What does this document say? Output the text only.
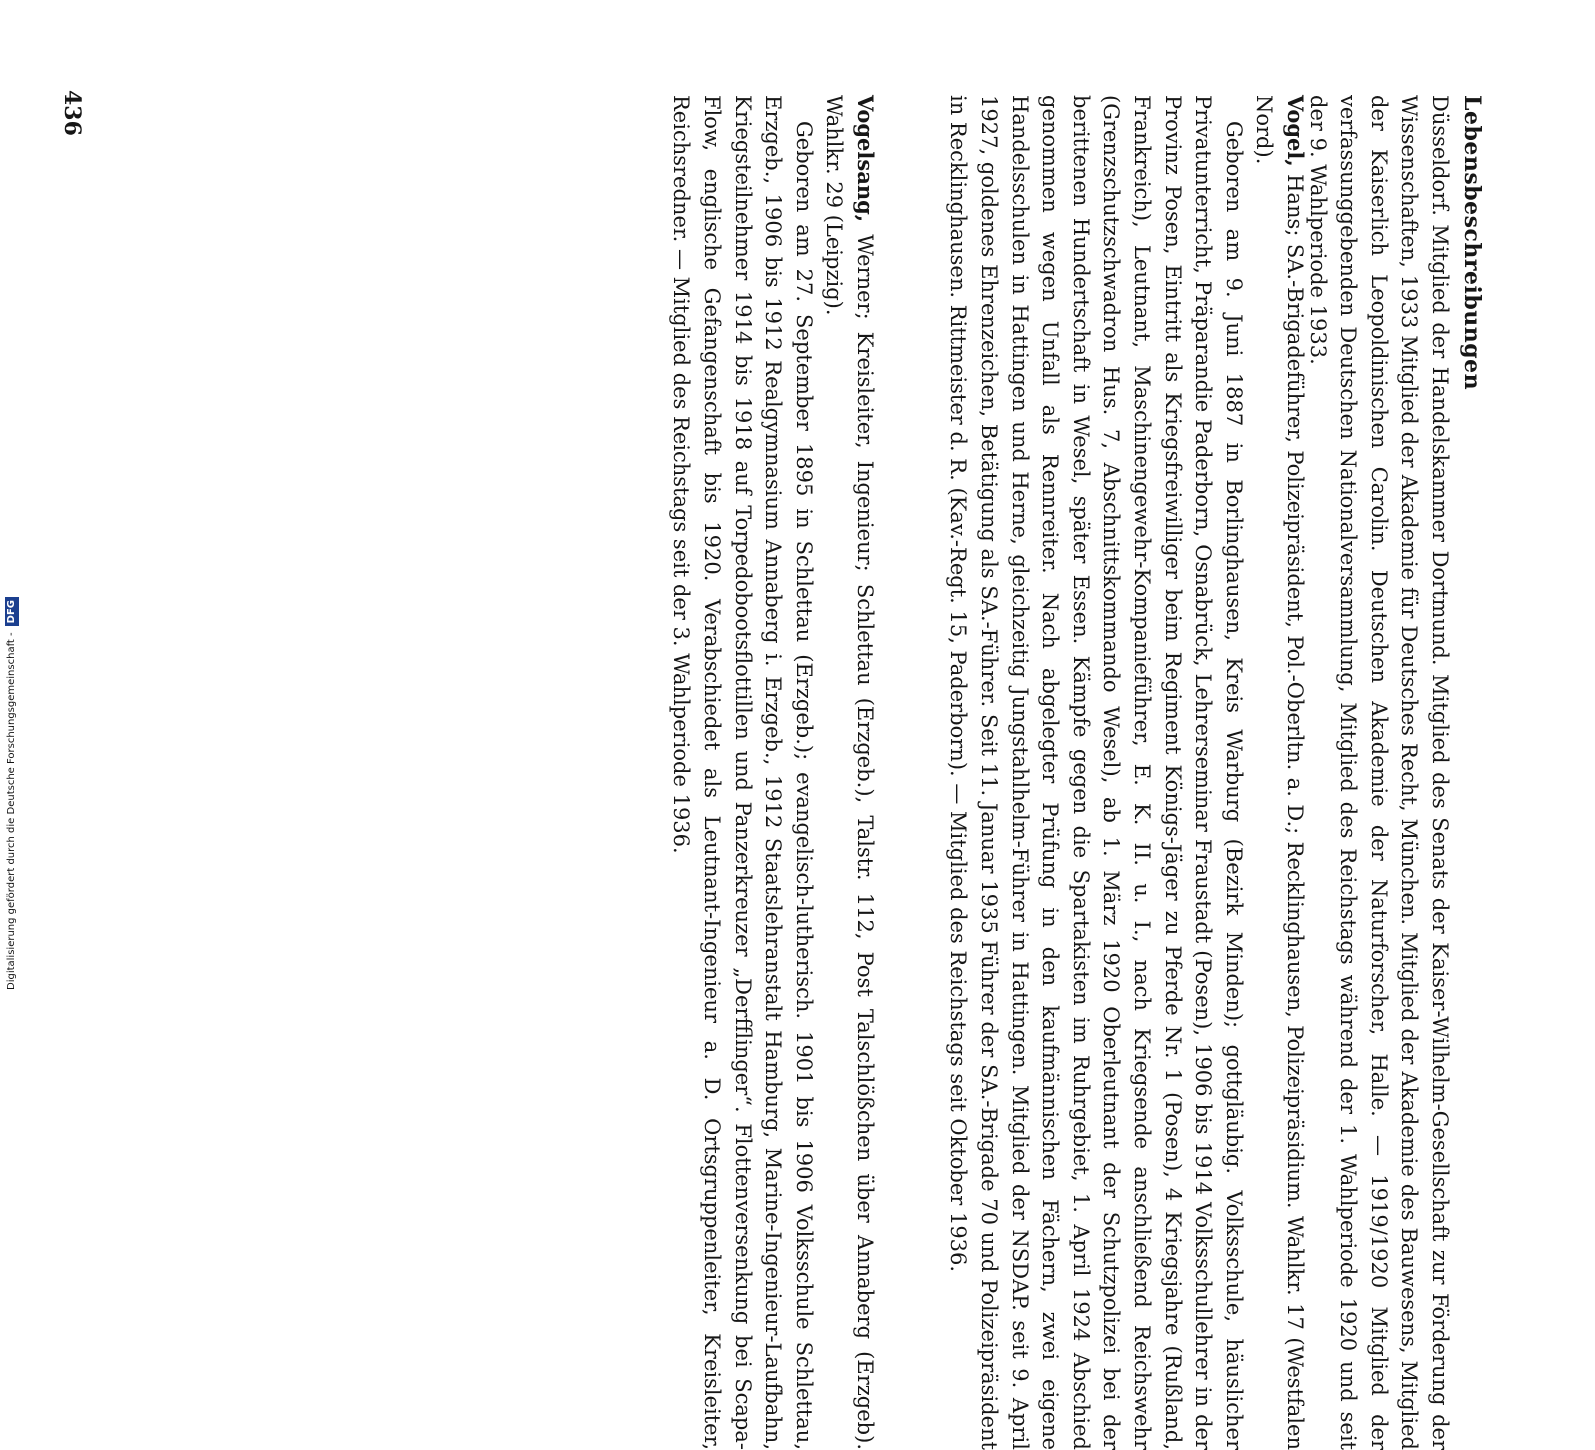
Lebensbeschreibungen

Düsseldorf. Mitglied der Handelskammer Dortmund. Mitglied des Senats der Kaiser-Wilhelm-Gesellschaft zur Förderung der Wissenschaften, 1933 Mitglied der Akademie für Deutsches Recht, München. Mitglied der Akademie des Bauwesens, Mitglied der Kaiserlich Leopoldinischen Carolin. Deutschen Akademie der Naturforscher, Halle. — 1919/1920 Mitglied der verfassunggebenden Deutschen Nationalversammlung, Mitglied des Reichstags während der 1. Wahlperiode 1920 und seit der 9. Wahlperiode 1933.

Vogel, Hans; SA.-Brigadeführer, Polizeipräsident, Pol.-Oberltn. a. D.; Recklinghausen, Polizeipräsidium. Wahlkr. 17 (Westfalen Nord).

Geboren am 9. Juni 1887 in Borlinghausen, Kreis Warburg (Bezirk Minden); gottgläubig. Volksschule, häuslicher Privatunterricht, Präparandie Paderborn, Osnabrück, Lehrerseminar Fraustadt (Posen), 1906 bis 1914 Volksschullehrer in der Provinz Posen, Eintritt als Kriegsfreiwilliger beim Regiment Königs-Jäger zu Pferde Nr. 1 (Posen), 4 Kriegsjahre (Rußland, Frankreich), Leutnant, Maschinengewehr-Kompanieführer, E. K. II. u. I., nach Kriegsende anschließend Reichswehr (Grenzschutzschwadron Hus. 7, Abschnittskommando Wesel), ab 1. März 1920 Oberleutnant der Schutzpolizei bei der berittenen Hundertschaft in Wesel, später Essen. Kämpfe gegen die Spartakisten im Ruhrgebiet, 1. April 1924 Abschied genommen wegen Unfall als Rennreiter. Nach abgelegter Prüfung in den kaufmännischen Fächern, zwei eigene Handelsschulen in Hattingen und Herne, gleichzeitig Jungstahlhelm-Führer in Hattingen. Mitglied der NSDAP. seit 9. April 1927, goldenes Ehrenzeichen, Betätigung als SA.-Führer. Seit 11. Januar 1935 Führer der SA.-Brigade 70 und Polizeipräsident in Recklinghausen. Rittmeister d. R. (Kav.-Regt. 15, Paderborn). — Mitglied des Reichstags seit Oktober 1936.

Vogelsang, Werner; Kreisleiter, Ingenieur; Schlettau (Erzgeb.), Talstr. 112, Post Talschlößchen über Annaberg (Erzgeb). Wahlkr. 29 (Leipzig).

Geboren am 27. September 1895 in Schlettau (Erzgeb.); evangelisch-lutherisch. 1901 bis 1906 Volksschule Schlettau, Erzgeb., 1906 bis 1912 Realgymnasium Annaberg i. Erzgeb., 1912 Staatslehranstalt Hamburg, Marine-Ingenieur-Laufbahn, Kriegsteilnehmer 1914 bis 1918 auf Torpedobootsflottillen und Panzerkreuzer „Derfflinger“. Flottenversenkung bei Scapa-Flow, englische Gefangenschaft bis 1920. Verabschiedet als Leutnant-Ingenieur a. D. Ortsgruppenleiter, Kreisleiter, Reichsredner. — Mitglied des Reichstags seit der 3. Wahlperiode 1936.

436
Digitalisierung gefördert durch die Deutsche Forschungsgemeinschaft -
DFG
